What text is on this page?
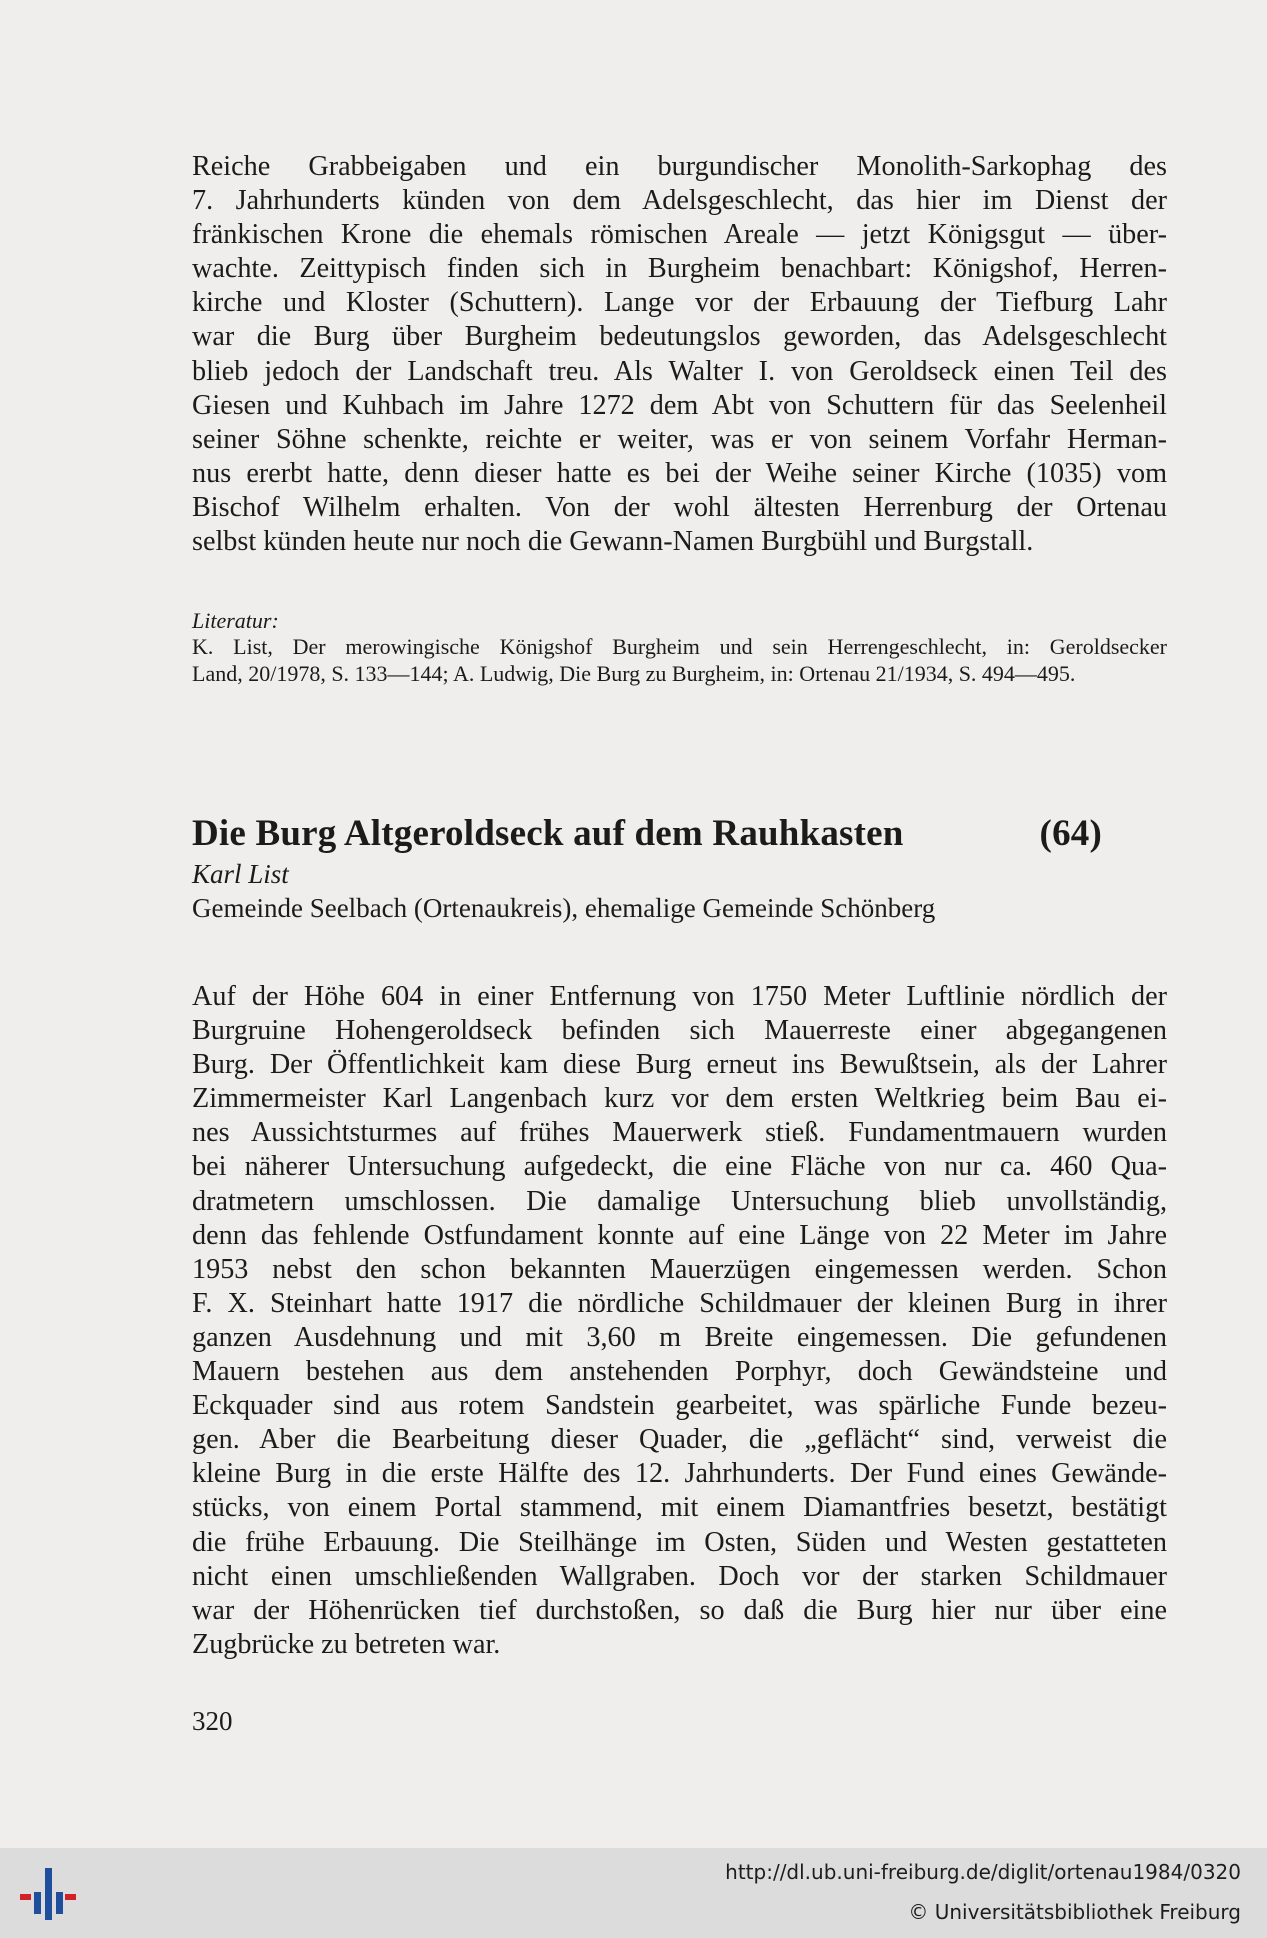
Reiche Grabbeigaben und ein burgundischer Monolith-Sarkophag des
7. Jahrhunderts künden von dem Adelsgeschlecht, das hier im Dienst der
fränkischen Krone die ehemals römischen Areale — jetzt Königsgut — über-
wachte. Zeittypisch finden sich in Burgheim benachbart: Königshof, Herren-
kirche und Kloster (Schuttern). Lange vor der Erbauung der Tiefburg Lahr
war die Burg über Burgheim bedeutungslos geworden, das Adelsgeschlecht
blieb jedoch der Landschaft treu. Als Walter I. von Geroldseck einen Teil des
Giesen und Kuhbach im Jahre 1272 dem Abt von Schuttern für das Seelenheil
seiner Söhne schenkte, reichte er weiter, was er von seinem Vorfahr Herman-
nus ererbt hatte, denn dieser hatte es bei der Weihe seiner Kirche (1035) vom
Bischof Wilhelm erhalten. Von der wohl ältesten Herrenburg der Ortenau
selbst künden heute nur noch die Gewann-Namen Burgbühl und Burgstall.

Literatur:

K. List, Der merowingische Königshof Burgheim und sein Herrengeschlecht, in: Geroldsecker
Land, 20/1978, S. 133—144; A. Ludwig, Die Burg zu Burgheim, in: Ortenau 21/1934, S. 494—495.

Die Burg Altgeroldseck auf dem Rauhkasten	(64)
Karl List
Gemeinde Seelbach (Ortenaukreis), ehemalige Gemeinde Schönberg

Auf der Höhe 604 in einer Entfernung von 1750 Meter Luftlinie nördlich der
Burgruine Hohengeroldseck befinden sich Mauerreste einer abgegangenen
Burg. Der Öffentlichkeit kam diese Burg erneut ins Bewußtsein, als der Lahrer
Zimmermeister Karl Langenbach kurz vor dem ersten Weltkrieg beim Bau ei-
nes Aussichtsturmes auf frühes Mauerwerk stieß. Fundamentmauern wurden
bei näherer Untersuchung aufgedeckt, die eine Fläche von nur ca. 460 Qua-
dratmetern umschlossen. Die damalige Untersuchung blieb unvollständig,
denn das fehlende Ostfundament konnte auf eine Länge von 22 Meter im Jahre
1953 nebst den schon bekannten Mauerzügen eingemessen werden. Schon
F. X. Steinhart hatte 1917 die nördliche Schildmauer der kleinen Burg in ihrer
ganzen Ausdehnung und mit 3,60 m Breite eingemessen. Die gefundenen
Mauern bestehen aus dem anstehenden Porphyr, doch Gewändsteine und
Eckquader sind aus rotem Sandstein gearbeitet, was spärliche Funde bezeu-
gen. Aber die Bearbeitung dieser Quader, die „geflächt“ sind, verweist die
kleine Burg in die erste Hälfte des 12. Jahrhunderts. Der Fund eines Gewände-
stücks, von einem Portal stammend, mit einem Diamantfries besetzt, bestätigt
die frühe Erbauung. Die Steilhänge im Osten, Süden und Westen gestatteten
nicht einen umschließenden Wallgraben. Doch vor der starken Schildmauer
war der Höhenrücken tief durchstoßen, so daß die Burg hier nur über eine
Zugbrücke zu betreten war.

320
http://dl.ub.uni-freiburg.de/diglit/ortenau1984/0320
© Universitätsbibliothek Freiburg
